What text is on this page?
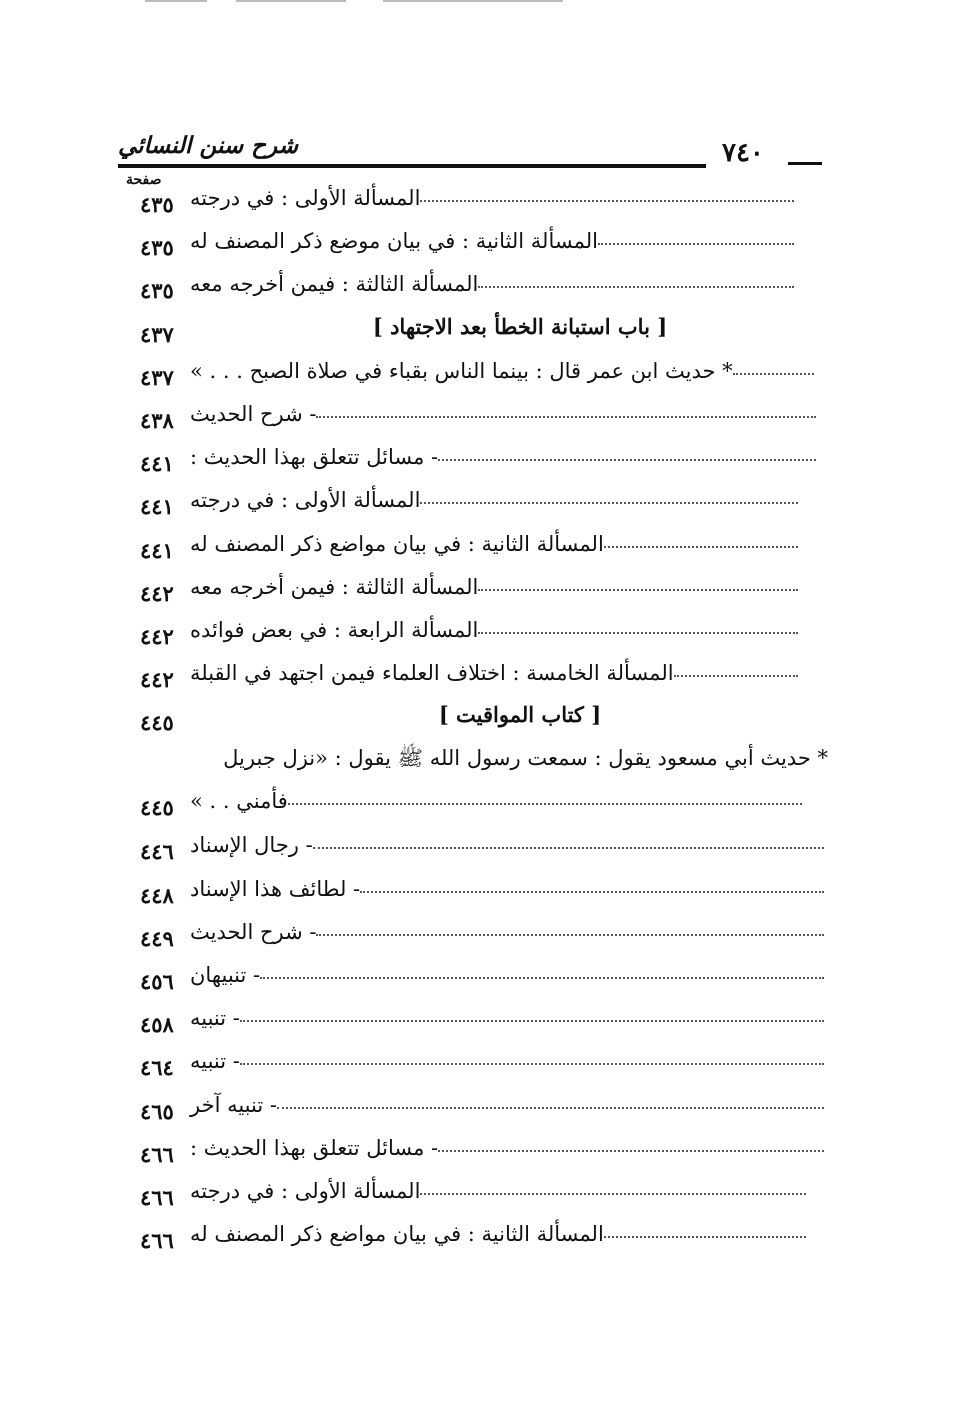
شرح سنن النسائي	٧٤٠
صفحة
المسألة الأولى : في درجته
٤٣٥
المسألة الثانية : في بيان موضع ذكر المصنف له
٤٣٥
المسألة الثالثة : فيمن أخرجه معه
٤٣٥
[ باب استبانة الخطأ بعد الاجتهاد ]
٤٣٧
* حديث ابن عمر قال : بينما الناس بقباء في صلاة الصبح . . . »
٤٣٧
- شرح الحديث
٤٣٨
- مسائل تتعلق بهذا الحديث :
٤٤١
المسألة الأولى : في درجته
٤٤١
المسألة الثانية : في بيان مواضع ذكر المصنف له
٤٤١
المسألة الثالثة : فيمن أخرجه معه
٤٤٢
المسألة الرابعة : في بعض فوائده
٤٤٢
المسألة الخامسة : اختلاف العلماء فيمن اجتهد في القبلة
٤٤٢
[ كتاب المواقيت ]
٤٤٥
* حديث أبي مسعود يقول : سمعت رسول الله ﷺ يقول : «نزل جبريل
فأمني . . »
٤٤٥
- رجال الإسناد
٤٤٦
- لطائف هذا الإسناد
٤٤٨
- شرح الحديث
٤٤٩
- تنبيهان
٤٥٦
- تنبيه
٤٥٨
- تنبيه
٤٦٤
- تنبيه آخر
٤٦٥
- مسائل تتعلق بهذا الحديث :
٤٦٦
المسألة الأولى : في درجته
٤٦٦
المسألة الثانية : في بيان مواضع ذكر المصنف له
٤٦٦
